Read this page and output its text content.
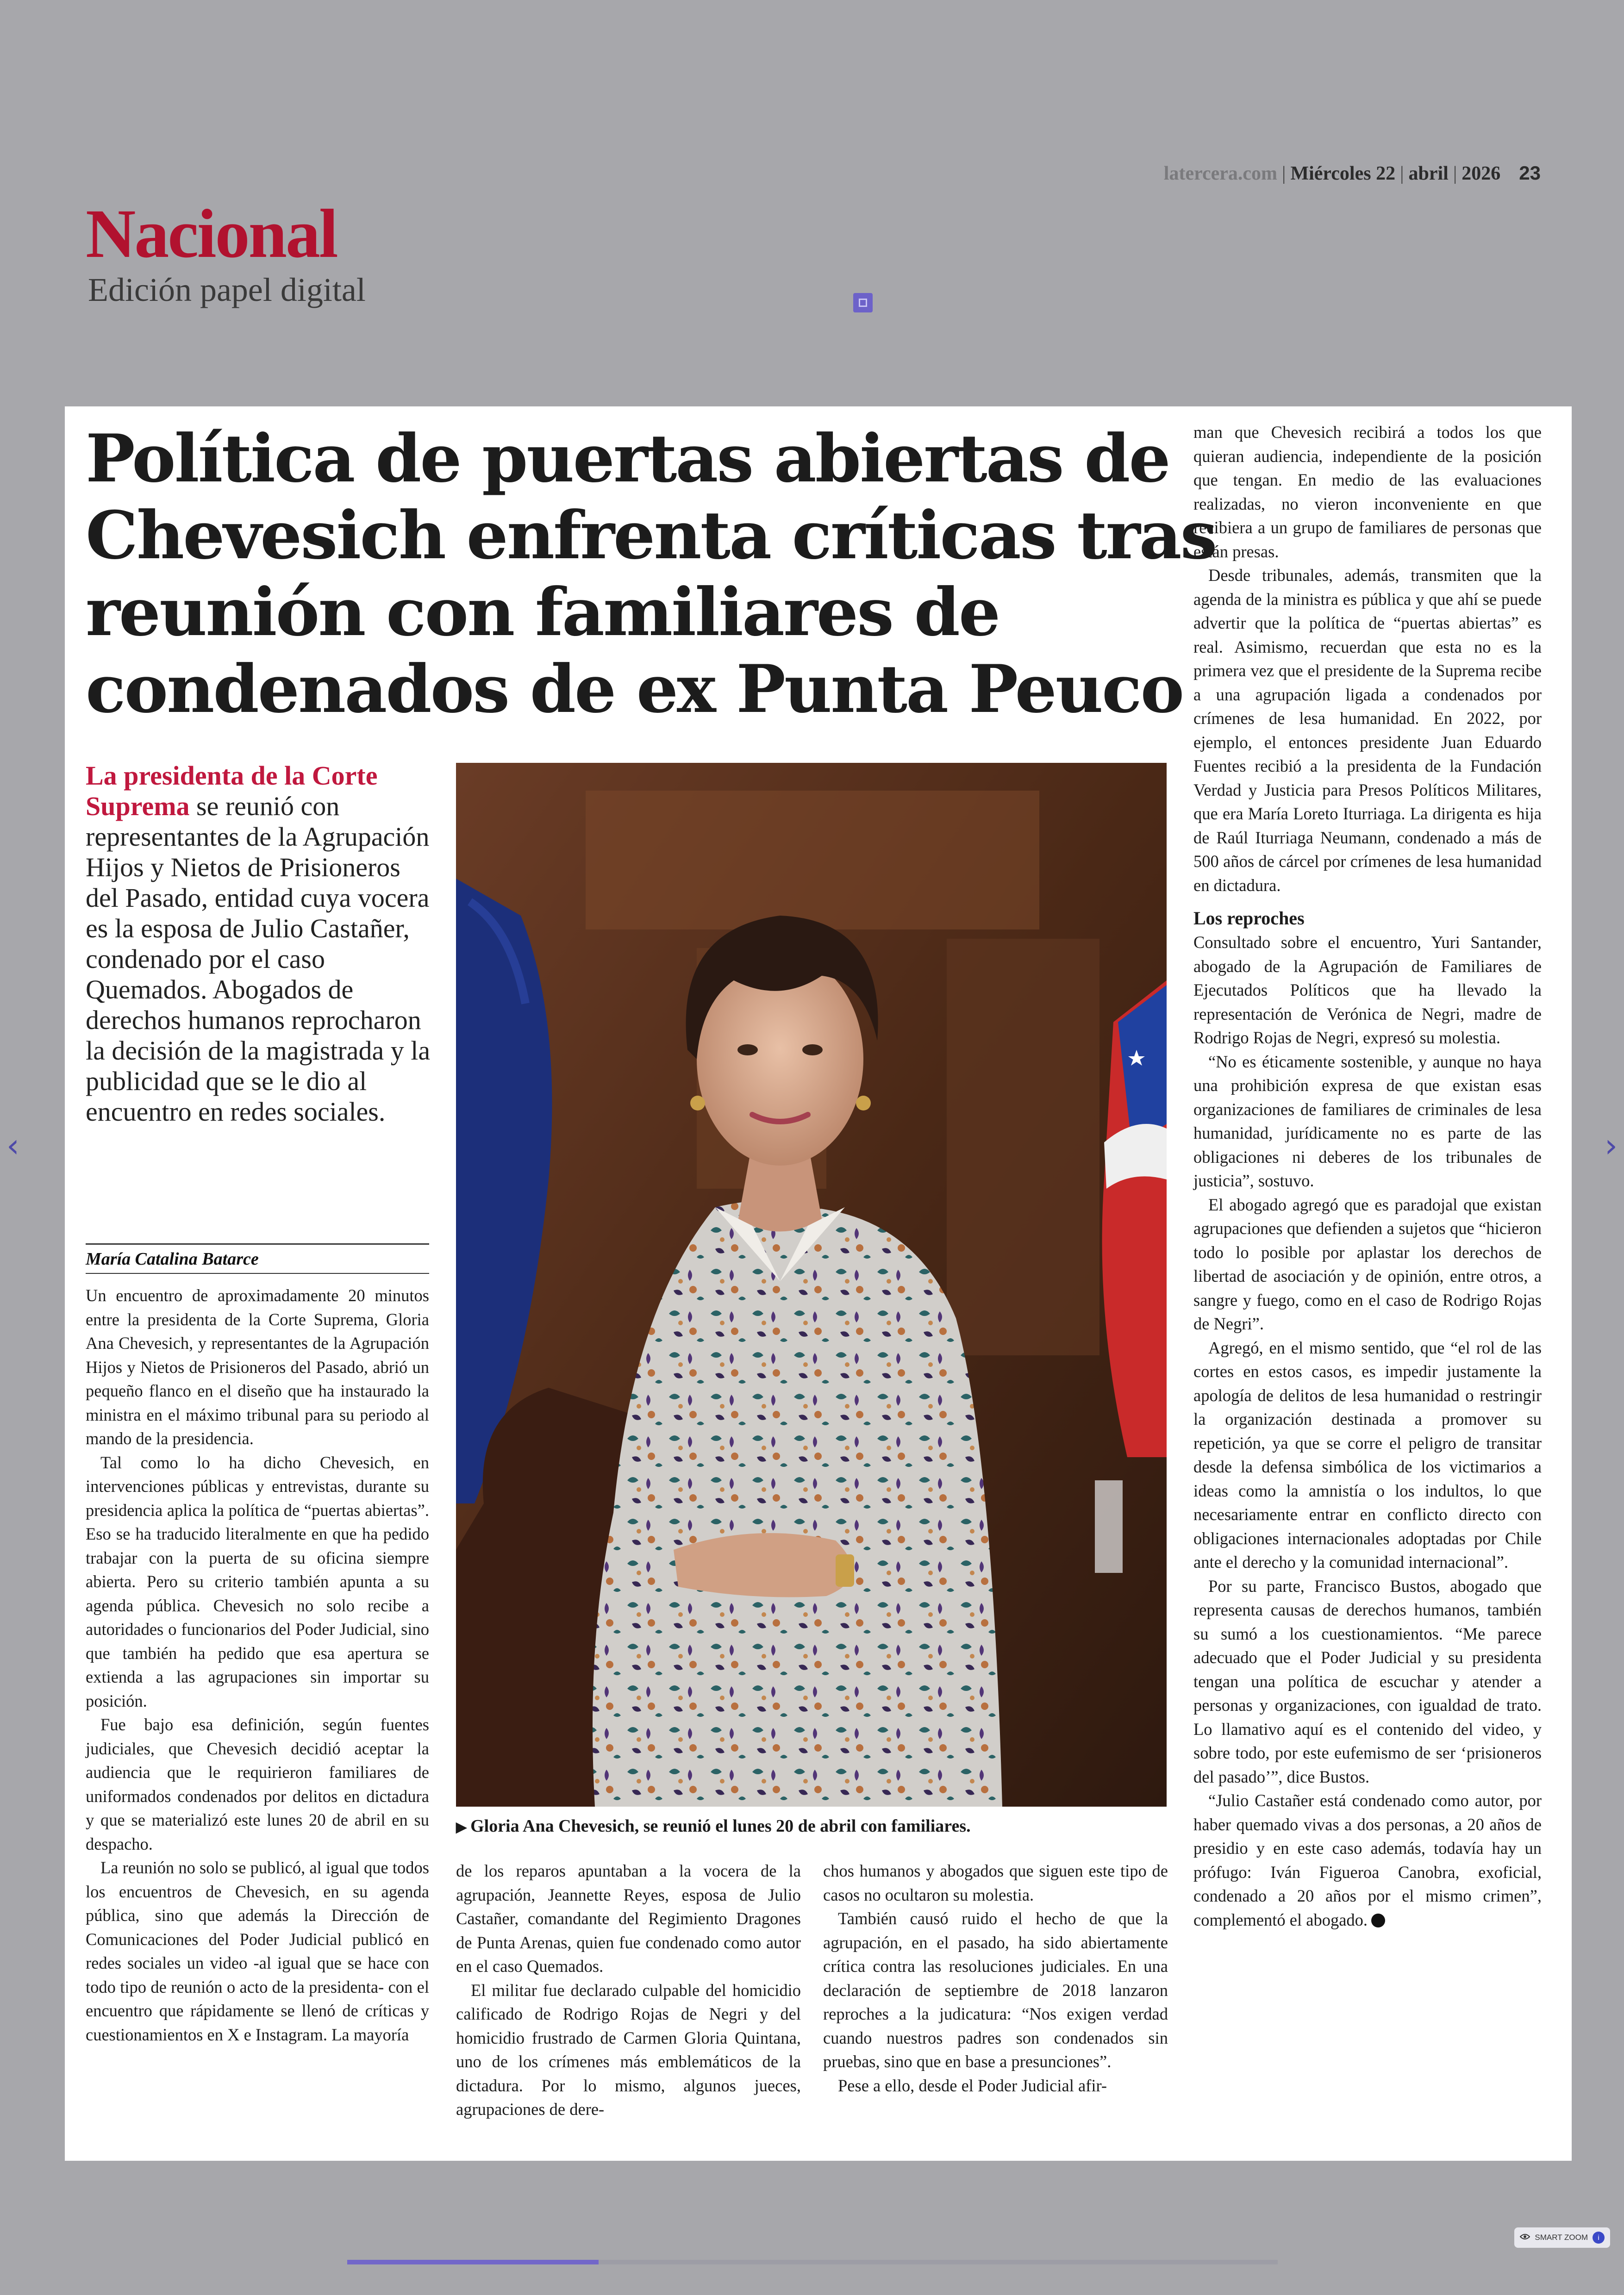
latercera.com | Miércoles 22 | abril | 2026 23
Nacional
Edición papel digital
‹	›
Política de puertas abiertas de Chevesich enfrenta críticas tras reunión con familiares de condenados de ex Punta Peuco
La presidenta de la Corte Suprema se reunió con representantes de la Agrupación Hijos y Nietos de Prisioneros del Pasado, entidad cuya vocera es la esposa de Julio Castañer, condenado por el caso Quemados. Abogados de derechos humanos reprocharon la decisión de la magistrada y la publicidad que se le dio al encuentro en redes sociales.
María Catalina Batarce

Un encuentro de aproximadamente 20 minutos entre la presidenta de la Corte Suprema, Gloria Ana Chevesich, y representantes de la Agrupación Hijos y Nietos de Prisioneros del Pasado, abrió un pequeño flanco en el diseño que ha instaurado la ministra en el máximo tribunal para su periodo al mando de la presidencia.

Tal como lo ha dicho Chevesich, en intervenciones públicas y entrevistas, durante su presidencia aplica la política de “puertas abiertas”. Eso se ha traducido literalmente en que ha pedido trabajar con la puerta de su oficina siempre abierta. Pero su criterio también apunta a su agenda pública. Chevesich no solo recibe a autoridades o funcionarios del Poder Judicial, sino que también ha pedido que esa apertura se extienda a las agrupaciones sin importar su posición.

Fue bajo esa definición, según fuentes judiciales, que Chevesich decidió aceptar la audiencia que le requirieron familiares de uniformados condenados por delitos en dictadura y que se materializó este lunes 20 de abril en su despacho.

La reunión no solo se publicó, al igual que todos los encuentros de Chevesich, en su agenda pública, sino que además la Dirección de Comunicaciones del Poder Judicial publicó en redes sociales un video -al igual que se hace con todo tipo de reunión o acto de la presidenta- con el encuentro que rápidamente se llenó de críticas y cuestionamientos en X e Instagram. La mayoría

▶ Gloria Ana Chevesich, se reunió el lunes 20 de abril con familiares.

de los reparos apuntaban a la vocera de la agrupación, Jeannette Reyes, esposa de Julio Castañer, comandante del Regimiento Dragones de Punta Arenas, quien fue condenado como autor en el caso Quemados.

El militar fue declarado culpable del homicidio calificado de Rodrigo Rojas de Negri y del homicidio frustrado de Carmen Gloria Quintana, uno de los crímenes más emblemáticos de la dictadura. Por lo mismo, algunos jueces, agrupaciones de dere-

chos humanos y abogados que siguen este tipo de casos no ocultaron su molestia.

También causó ruido el hecho de que la agrupación, en el pasado, ha sido abiertamente crítica contra las resoluciones judiciales. En una declaración de septiembre de 2018 lanzaron reproches a la judicatura: “Nos exigen verdad cuando nuestros padres son condenados sin pruebas, sino que en base a presunciones”.

Pese a ello, desde el Poder Judicial afir-

man que Chevesich recibirá a todos los que quieran audiencia, independiente de la posición que tengan. En medio de las evaluaciones realizadas, no vieron inconveniente en que recibiera a un grupo de familiares de personas que están presas.

Desde tribunales, además, transmiten que la agenda de la ministra es pública y que ahí se puede advertir que la política de “puertas abiertas” es real. Asimismo, recuerdan que esta no es la primera vez que el presidente de la Suprema recibe a una agrupación ligada a condenados por crímenes de lesa humanidad. En 2022, por ejemplo, el entonces presidente Juan Eduardo Fuentes recibió a la presidenta de la Fundación Verdad y Justicia para Presos Políticos Militares, que era María Loreto Iturriaga. La dirigenta es hija de Raúl Iturriaga Neumann, condenado a más de 500 años de cárcel por crímenes de lesa humanidad en dictadura.

Los reproches

Consultado sobre el encuentro, Yuri Santander, abogado de la Agrupación de Familiares de Ejecutados Políticos que ha llevado la representación de Verónica de Negri, madre de Rodrigo Rojas de Negri, expresó su molestia.

“No es éticamente sostenible, y aunque no haya una prohibición expresa de que existan esas organizaciones de familiares de criminales de lesa humanidad, jurídicamente no es parte de las obligaciones ni deberes de los tribunales de justicia”, sostuvo.

El abogado agregó que es paradojal que existan agrupaciones que defienden a sujetos que “hicieron todo lo posible por aplastar los derechos de libertad de asociación y de opinión, entre otros, a sangre y fuego, como en el caso de Rodrigo Rojas de Negri”.

Agregó, en el mismo sentido, que “el rol de las cortes en estos casos, es impedir justamente la apología de delitos de lesa humanidad o restringir la organización destinada a promover su repetición, ya que se corre el peligro de transitar desde la defensa simbólica de los victimarios a ideas como la amnistía o los indultos, lo que necesariamente entrar en conflicto directo con obligaciones internacionales adoptadas por Chile ante el derecho y la comunidad internacional”.

Por su parte, Francisco Bustos, abogado que representa causas de derechos humanos, también su sumó a los cuestionamientos. “Me parece adecuado que el Poder Judicial y su presidenta tengan una política de escuchar y atender a personas y organizaciones, con igualdad de trato. Lo llamativo aquí es el contenido del video, y sobre todo, por este eufemismo de ser ‘prisioneros del pasado’”, dice Bustos.

“Julio Castañer está condenado como autor, por haber quemado vivas a dos personas, a 20 años de presidio y en este caso además, todavía hay un prófugo: Iván Figueroa Canobra, exoficial, condenado a 20 años por el mismo crimen”, complementó el abogado.

SMART ZOOM	i
